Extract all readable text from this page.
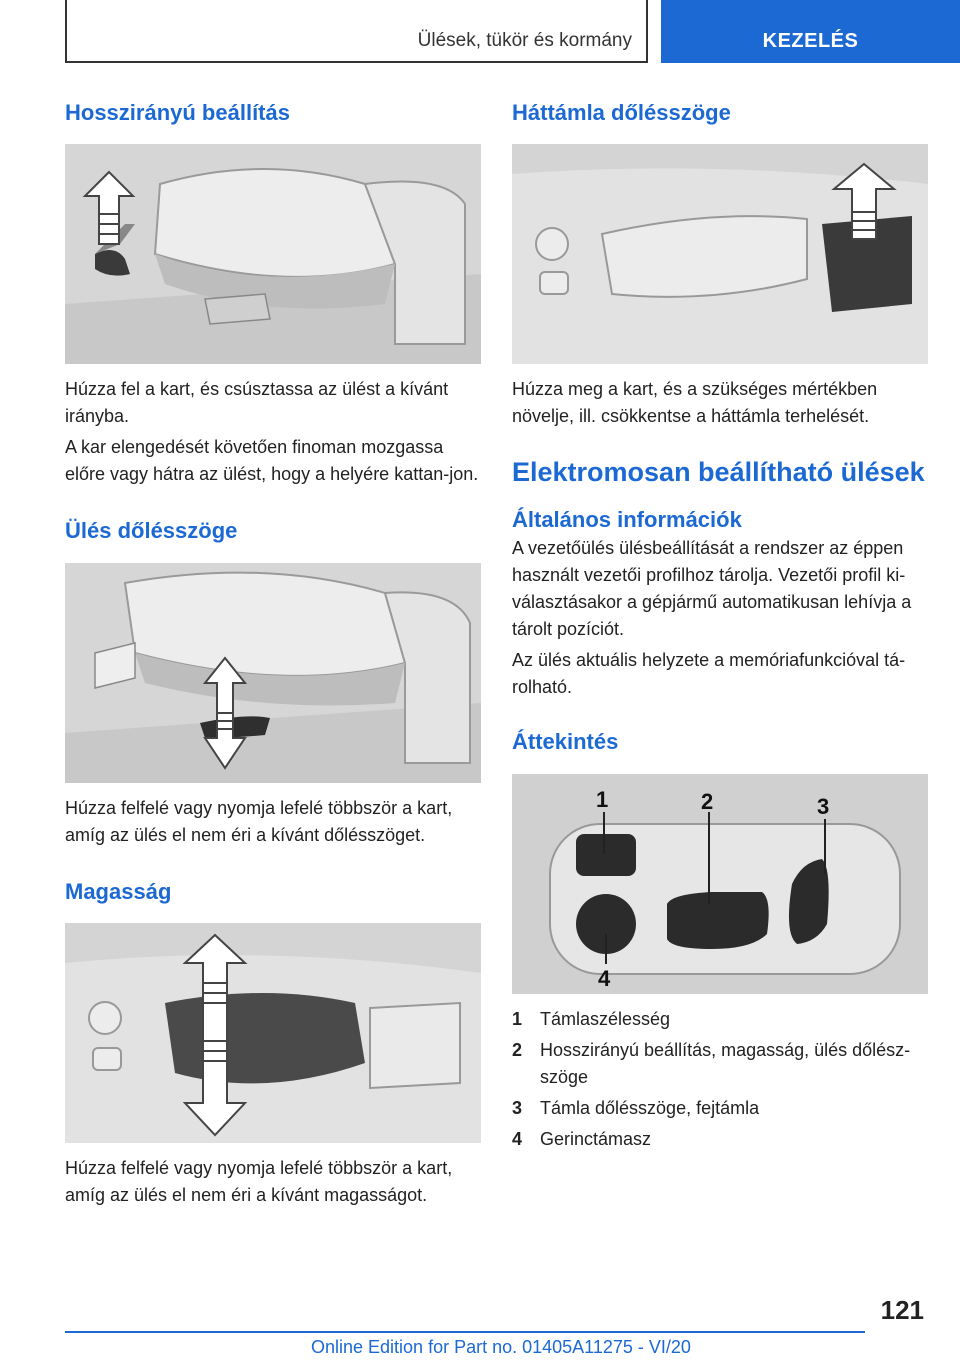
Ülések, tükör és kormány	KEZELÉS
Hosszirányú beállítás

Húzza fel a kart, és csúsztassa az ülést a kívánt irányba.

A kar elengedését követően finoman mozgassa előre vagy hátra az ülést, hogy a helyére kattan-jon.

Ülés dőlésszöge

Húzza felfelé vagy nyomja lefelé többször a kart, amíg az ülés el nem éri a kívánt dőlésszöget.

Magasság

Húzza felfelé vagy nyomja lefelé többször a kart, amíg az ülés el nem éri a kívánt magasságot.

Háttámla dőlésszöge

Húzza meg a kart, és a szükséges mértékben növelje, ill. csökkentse a háttámla terhelését.

Elektromosan beállítható ülések
Általános információk

A vezetőülés ülésbeállítását a rendszer az éppen használt vezetői profilhoz tárolja. Vezetői profil ki-választásakor a gépjármű automatikusan lehívja a tárolt pozíciót.

Az ülés aktuális helyzete a memóriafunkcióval tá-rolható.

Áttekintés
1	2	3
4
1 Támlaszélesség
2 Hosszirányú beállítás, magasság, ülés dőlész-szöge
3 Támla dőlésszöge, fejtámla
4 Gerinctámasz
121
Online Edition for Part no. 01405A11275 - VI/20
